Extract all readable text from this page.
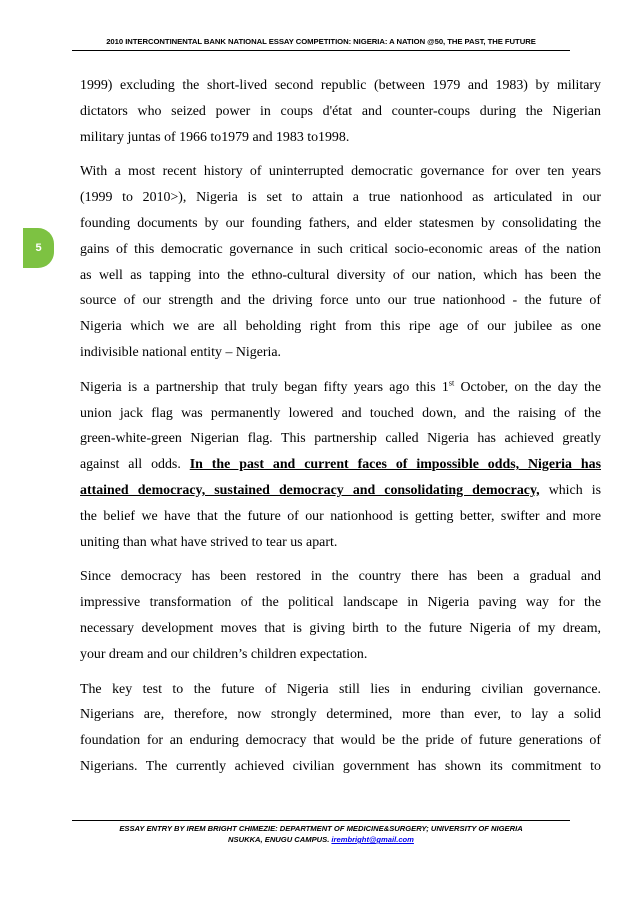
2010 INTERCONTINENTAL BANK NATIONAL ESSAY COMPETITION: NIGERIA: A NATION @50, THE PAST, THE FUTURE
5

1999) excluding the short-lived second republic (between 1979 and 1983) by military
dictators who seized power in coups d'état and counter-coups during the Nigerian
military juntas of 1966 to1979 and 1983 to1998.

With a most recent history of uninterrupted democratic governance for over ten years
(1999 to 2010>), Nigeria is set to attain a true nationhood as articulated in our
founding documents by our founding fathers, and elder statesmen by consolidating the
gains of this democratic governance in such critical socio-economic areas of the nation
as well as tapping into the ethno-cultural diversity of our nation, which has been the
source of our strength and the driving force unto our true nationhood - the future of
Nigeria which we are all beholding right from this ripe age of our jubilee as one
indivisible national entity – Nigeria.

Nigeria is a partnership that truly began fifty years ago this 1st October, on the day the
union jack flag was permanently lowered and touched down, and the raising of the
green-white-green Nigerian flag. This partnership called Nigeria has achieved greatly
against all odds. In the past and current faces of impossible odds, Nigeria has
attained democracy, sustained democracy and consolidating democracy, which is
the belief we have that the future of our nationhood is getting better, swifter and more
uniting than what have strived to tear us apart.

Since democracy has been restored in the country there has been a gradual and
impressive transformation of the political landscape in Nigeria paving way for the
necessary development moves that is giving birth to the future Nigeria of my dream,
your dream and our children’s children expectation.

The key test to the future of Nigeria still lies in enduring civilian governance.
Nigerians are, therefore, now strongly determined, more than ever, to lay a solid
foundation for an enduring democracy that would be the pride of future generations of
Nigerians. The currently achieved civilian government has shown its commitment to

ESSAY ENTRY BY IREM BRIGHT CHIMEZIE: DEPARTMENT OF MEDICINE&SURGERY; UNIVERSITY OF NIGERIA
NSUKKA, ENUGU CAMPUS. irembright@gmail.com
